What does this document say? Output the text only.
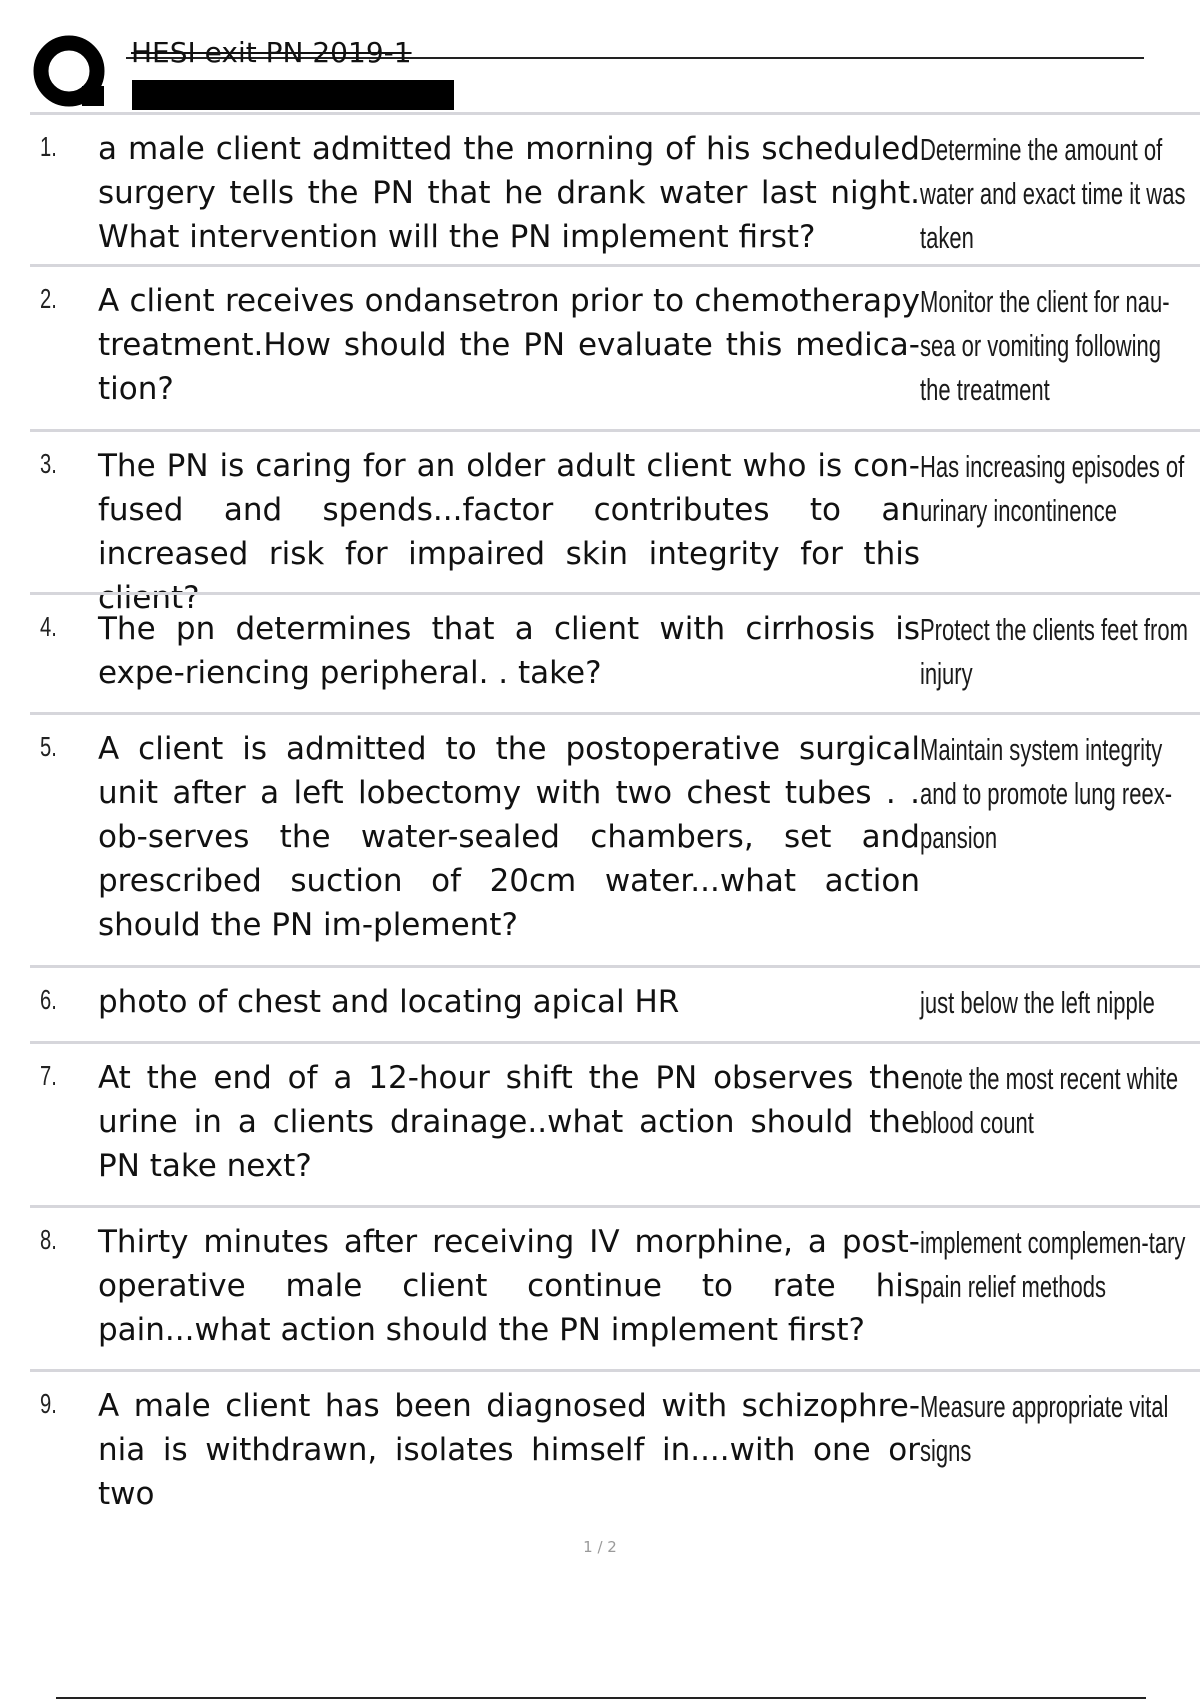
HESI exit PN 2019-1
1. a male client admitted the morning of his scheduled surgery tells the PN that he drank water last night. What intervention will the PN implement first?
Determine the amount of water and exact time it was taken
2. A client receives ondansetron prior to chemotherapy treatment.How should the PN evaluate this medica-tion?
Monitor the client for nau-sea or vomiting following the treatment
3. The PN is caring for an older adult client who is con-fused and spends...factor contributes to an increased risk for impaired skin integrity for this client?
Has increasing episodes of urinary incontinence
4. The pn determines that a client with cirrhosis is expe-riencing peripheral. . take?
Protect the clients feet from injury
5. A client is admitted to the postoperative surgical unit after a left lobectomy with two chest tubes . . ob-serves the water-sealed chambers, set and prescribed suction of 20cm water...what action should the PN im-plement?
Maintain system integrity and to promote lung reex-pansion
6. photo of chest and locating apical HR	just below the left nipple
7. At the end of a 12-hour shift the PN observes the urine in a clients drainage..what action should the PN take next?
note the most recent white blood count
8. Thirty minutes after receiving IV morphine, a post-operative male client continue to rate his pain...what action should the PN implement first?
implement complemen-tary pain relief methods
9. A male client has been diagnosed with schizophre-nia is withdrawn, isolates himself in....with one or two
Measure appropriate vital signs
1 / 2
